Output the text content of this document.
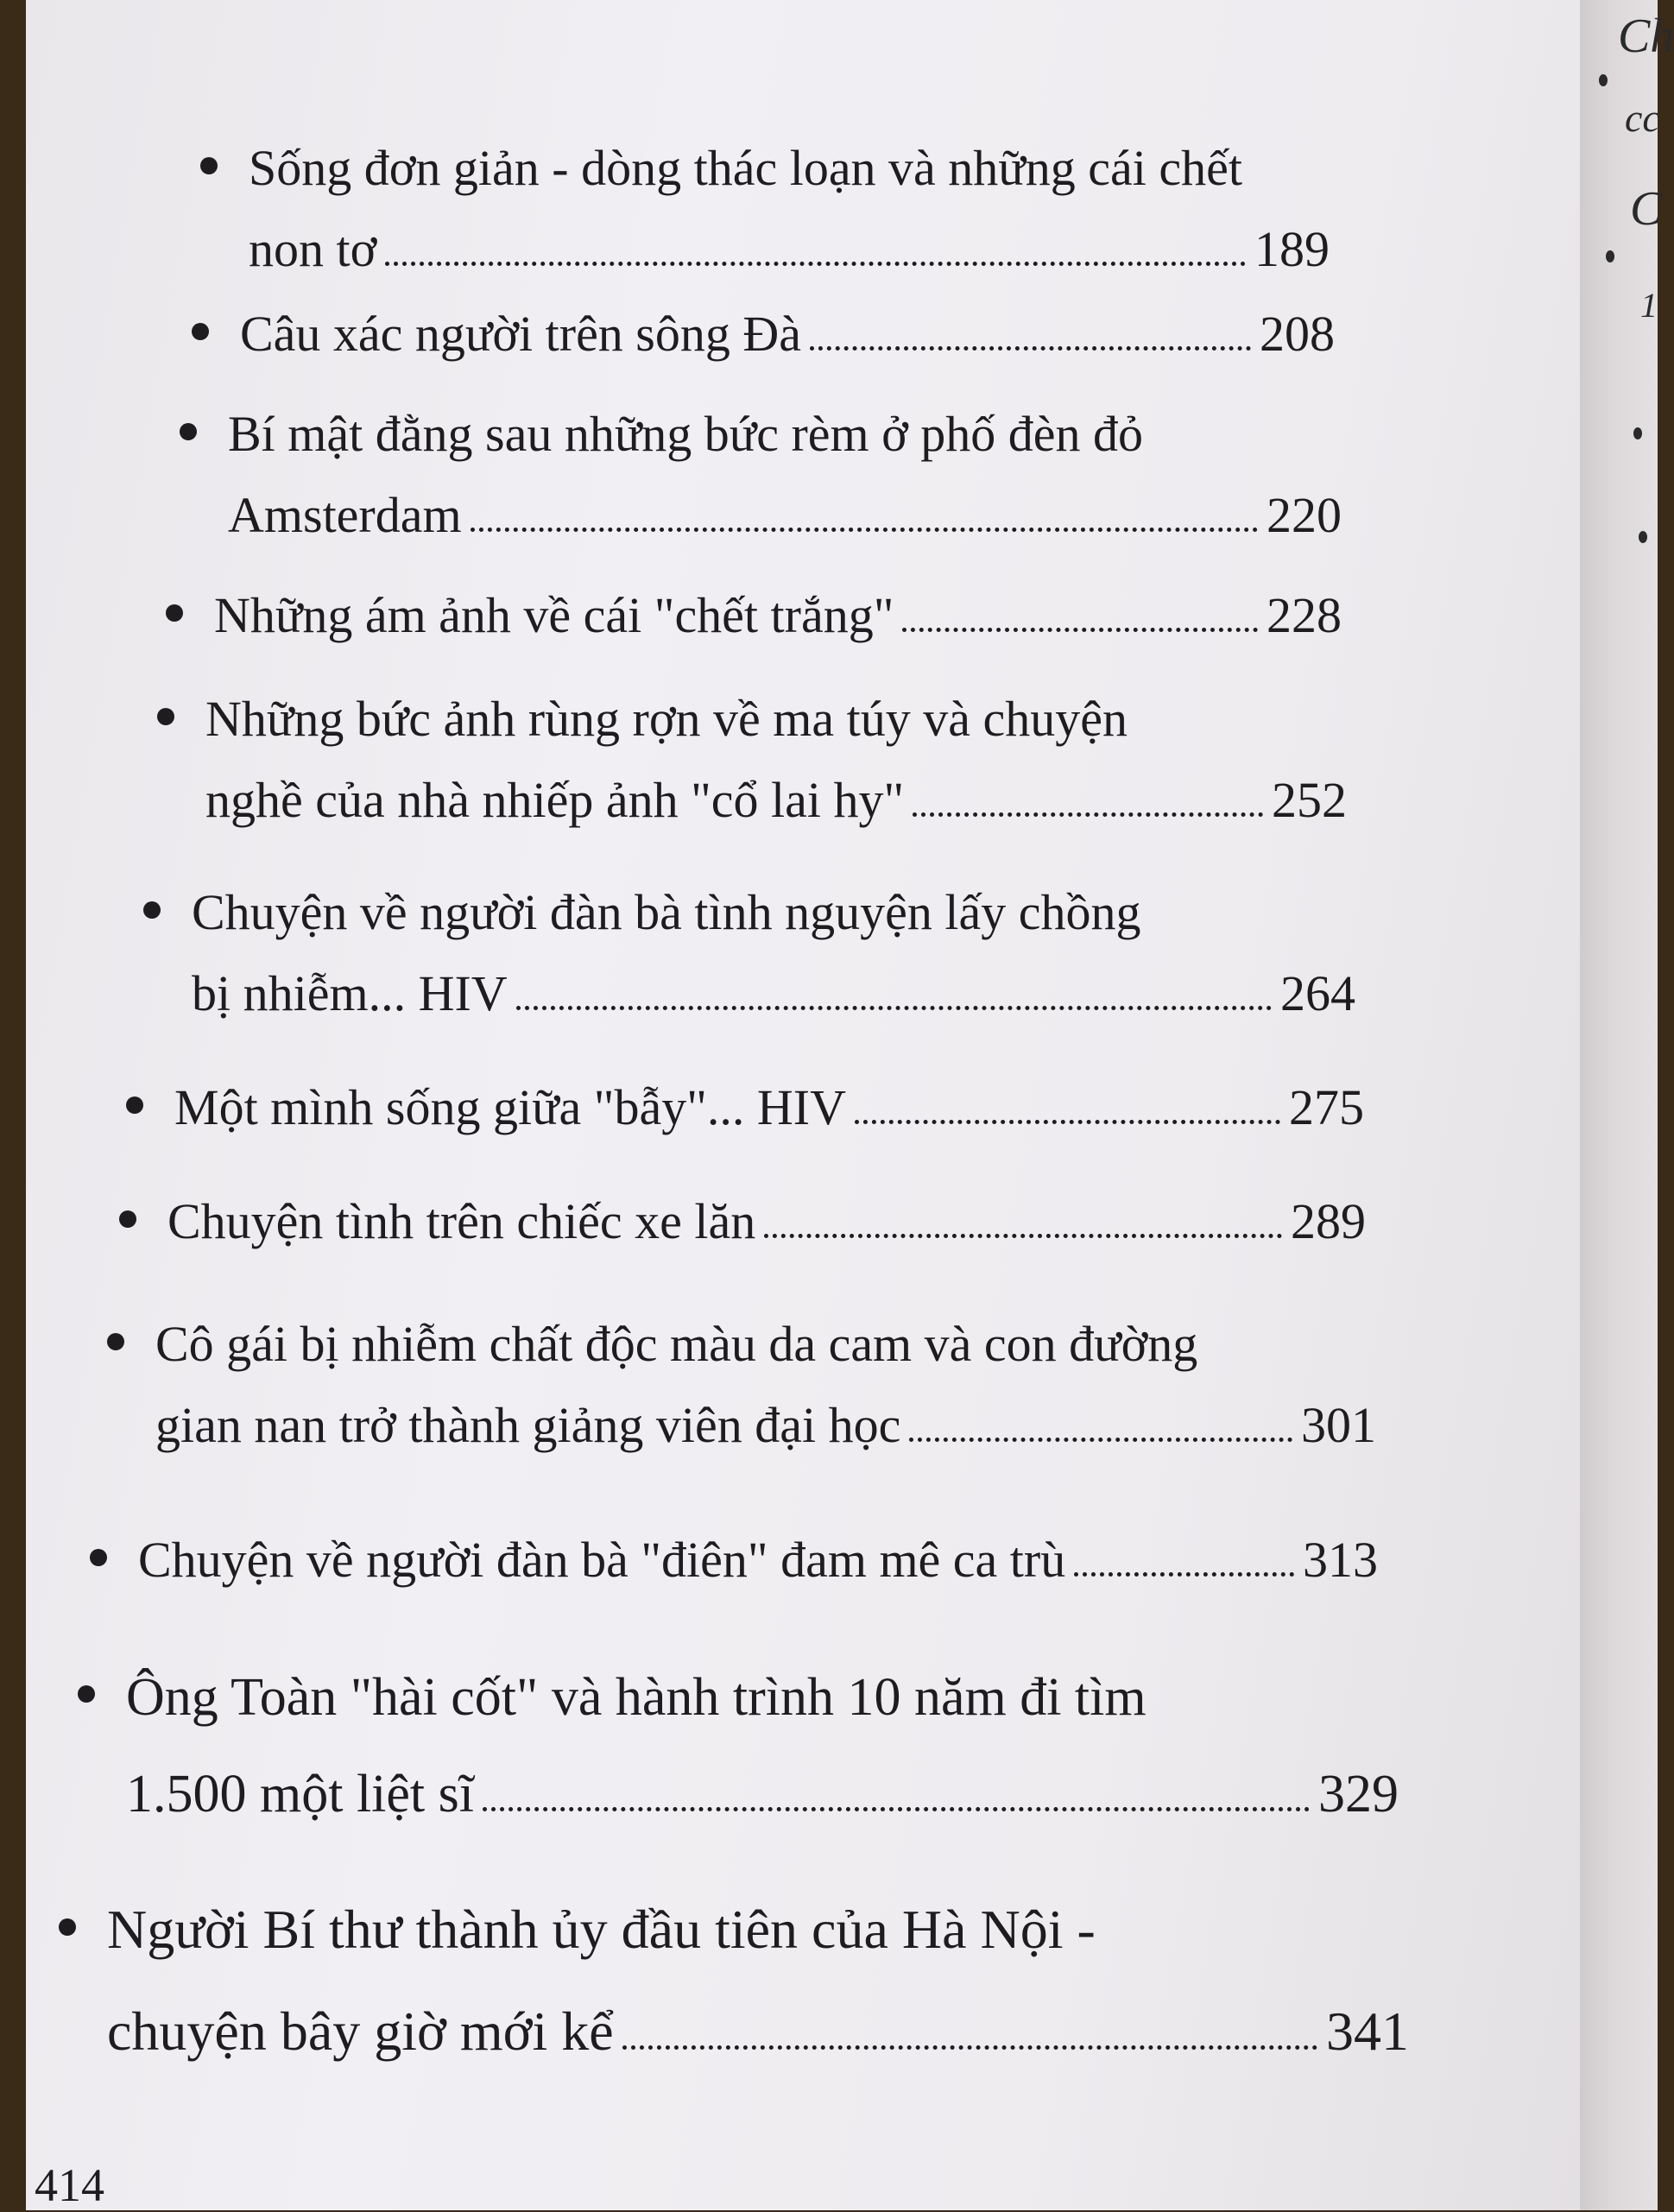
Ch
cc
C
1
Sống đơn giản - dòng thác loạn và những cái chết
non tơ	189
Câu xác người trên sông Đà	208
Bí mật đằng sau những bức rèm ở phố đèn đỏ
Amsterdam	220
Những ám ảnh về cái "chết trắng"	228
Những bức ảnh rùng rợn về ma túy và chuyện
nghề của nhà nhiếp ảnh "cổ lai hy"	252
Chuyện về người đàn bà tình nguyện lấy chồng
bị nhiễm... HIV	264
Một mình sống giữa "bẫy"... HIV	275
Chuyện tình trên chiếc xe lăn	289
Cô gái bị nhiễm chất độc màu da cam và con đường
gian nan trở thành giảng viên đại học	301
Chuyện về người đàn bà "điên" đam mê ca trù	313
Ông Toàn "hài cốt" và hành trình 10 năm đi tìm
1.500 một liệt sĩ	329
Người Bí thư thành ủy đầu tiên của Hà Nội -
chuyện bây giờ mới kể	341
414
